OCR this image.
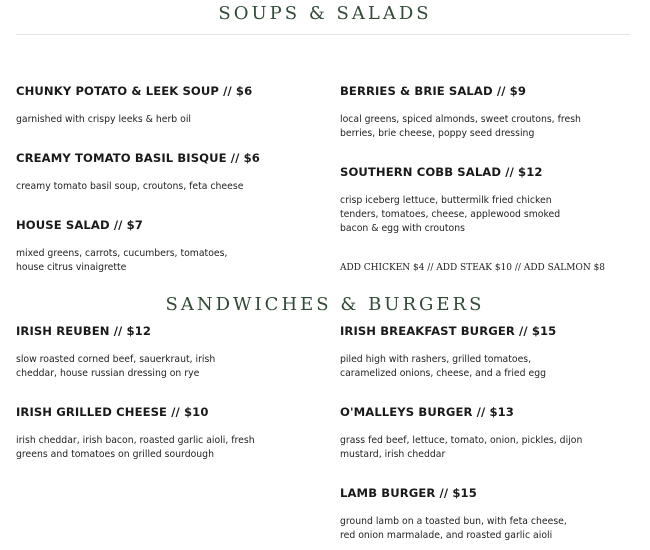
SOUPS & SALADS

CHUNKY POTATO & LEEK SOUP // $6

garnished with crispy leeks & herb oil

CREAMY TOMATO BASIL BISQUE // $6

creamy tomato basil soup, croutons, feta cheese

HOUSE SALAD // $7

mixed greens, carrots, cucumbers, tomatoes,
house citrus vinaigrette

BERRIES & BRIE SALAD // $9

local greens, spiced almonds, sweet croutons, fresh
berries, brie cheese, poppy seed dressing

SOUTHERN COBB SALAD // $12

crisp iceberg lettuce, buttermilk fried chicken
tenders, tomatoes, cheese, applewood smoked
bacon & egg with croutons

ADD CHICKEN $4 // ADD STEAK $10 // ADD SALMON $8
SANDWICHES & BURGERS

IRISH REUBEN // $12

slow roasted corned beef, sauerkraut, irish
cheddar, house russian dressing on rye

IRISH GRILLED CHEESE // $10

irish cheddar, irish bacon, roasted garlic aioli, fresh
greens and tomatoes on grilled sourdough

IRISH BREAKFAST BURGER // $15

piled high with rashers, grilled tomatoes,
caramelized onions, cheese, and a fried egg

O'MALLEYS BURGER // $13

grass fed beef, lettuce, tomato, onion, pickles, dijon
mustard, irish cheddar

LAMB BURGER // $15

ground lamb on a toasted bun, with feta cheese,
red onion marmalade, and roasted garlic aioli
